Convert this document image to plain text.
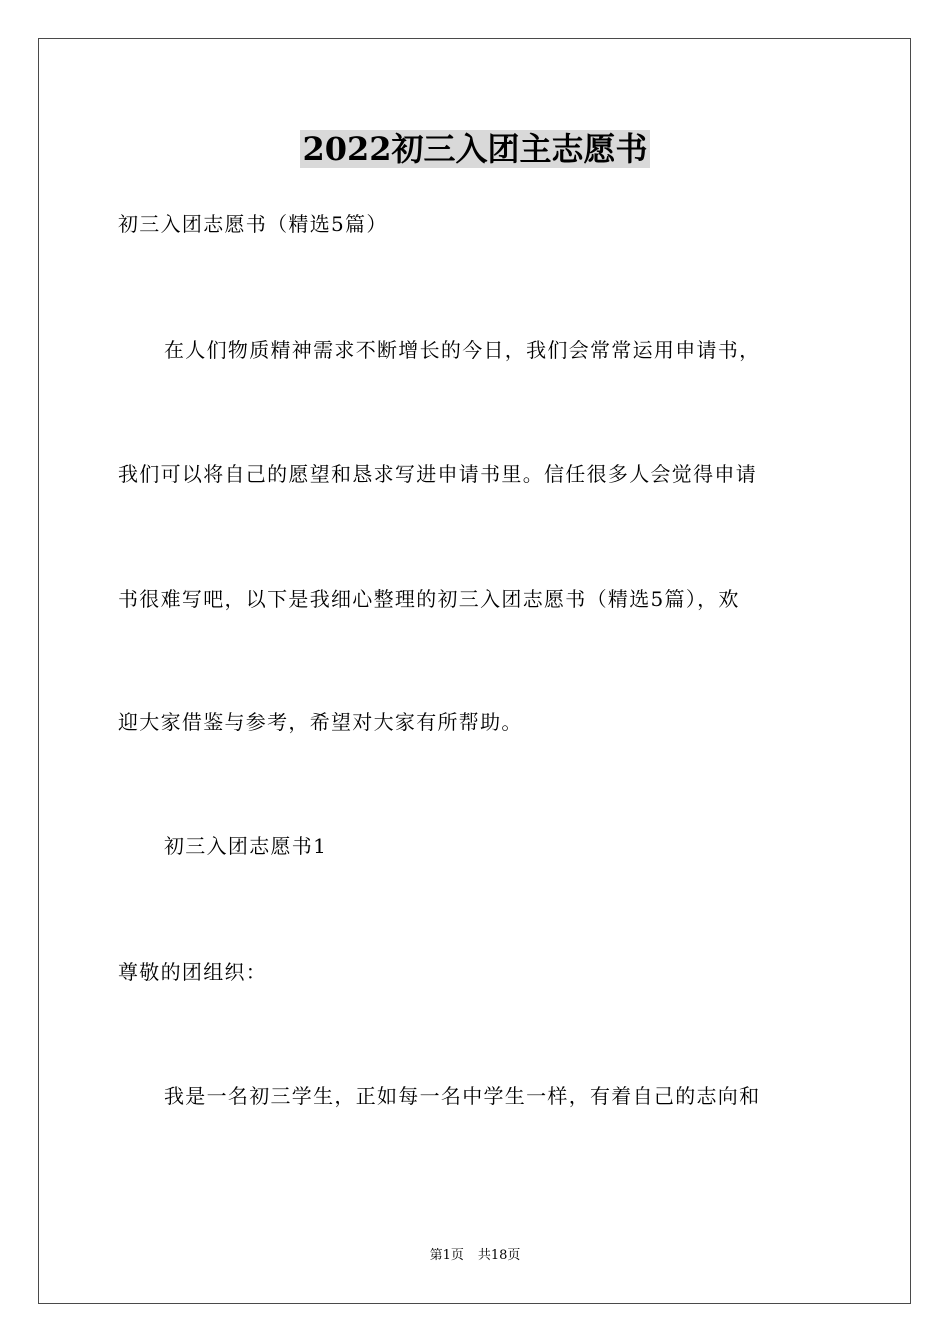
2022初三入团主志愿书
初三入团志愿书（精选5篇）
在人们物质精神需求不断增长的今日，我们会常常运用申请书，
我们可以将自己的愿望和恳求写进申请书里。信任很多人会觉得申请
书很难写吧，以下是我细心整理的初三入团志愿书（精选5篇），欢
迎大家借鉴与参考，希望对大家有所帮助。
初三入团志愿书1
尊敬的团组织：
我是一名初三学生，正如每一名中学生一样，有着自己的志向和
第1页 共18页
